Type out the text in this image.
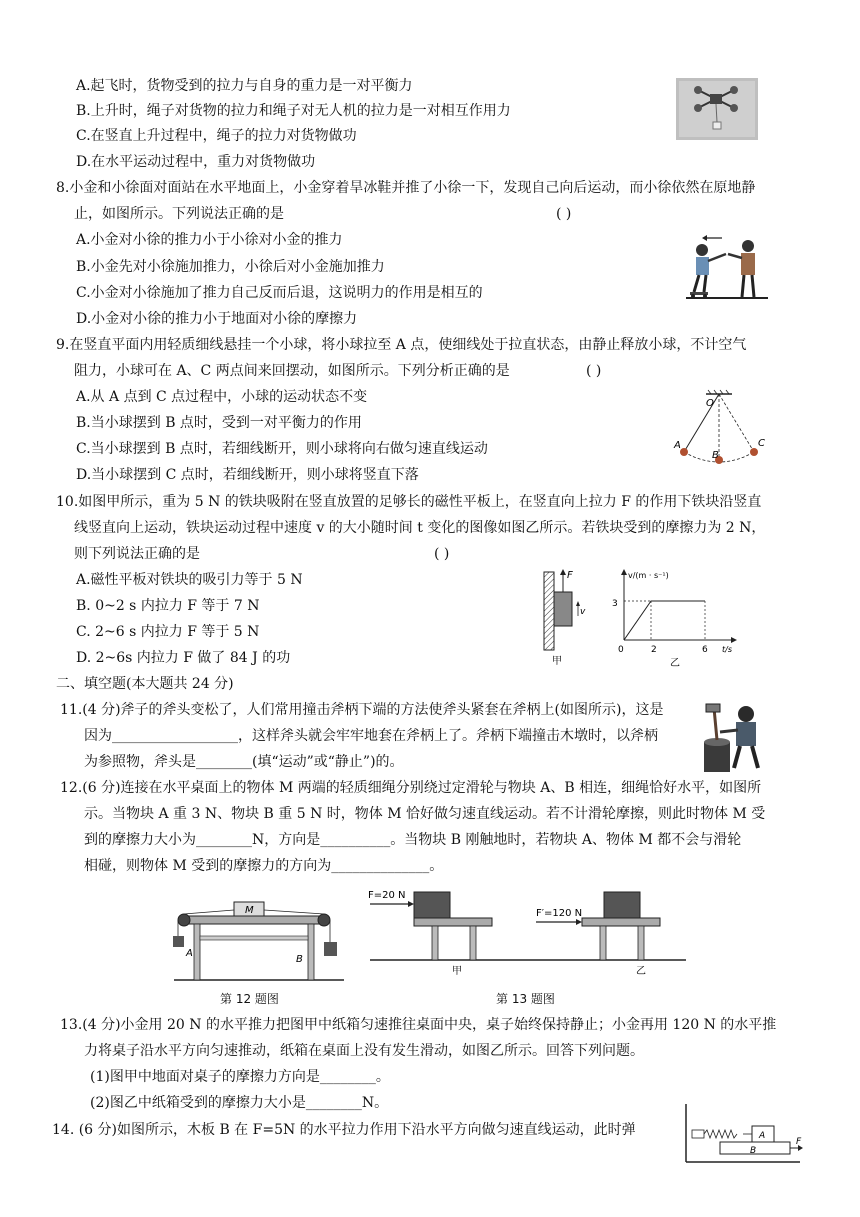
A.起飞时，货物受到的拉力与自身的重力是一对平衡力
B.上升时，绳子对货物的拉力和绳子对无人机的拉力是一对相互作用力
C.在竖直上升过程中，绳子的拉力对货物做功
D.在水平运动过程中，重力对货物做功
8.小金和小徐面对面站在水平地面上，小金穿着旱冰鞋并推了小徐一下，发现自己向后运动，而小徐依然在原地静
止，如图所示。下列说法正确的是	( )
A.小金对小徐的推力小于小徐对小金的推力
B.小金先对小徐施加推力，小徐后对小金施加推力
C.小金对小徐施加了推力自己反而后退，这说明力的作用是相互的
D.小金对小徐的推力小于地面对小徐的摩擦力
9.在竖直平面内用轻质细线悬挂一个小球，将小球拉至 A 点，使细线处于拉直状态，由静止释放小球，不计空气
阻力，小球可在 A、C 两点间来回摆动，如图所示。下列分析正确的是	( )
A.从 A 点到 C 点过程中，小球的运动状态不变
B.当小球摆到 B 点时，受到一对平衡力的作用
C.当小球摆到 B 点时，若细线断开，则小球将向右做匀速直线运动
D.当小球摆到 C 点时，若细线断开，则小球将竖直下落
O
A
B
C
10.如图甲所示，重为 5 N 的铁块吸附在竖直放置的足够长的磁性平板上，在竖直向上拉力 F 的作用下铁块沿竖直
线竖直向上运动，铁块运动过程中速度 v 的大小随时间 t 变化的图像如图乙所示。若铁块受到的摩擦力为 2 N，
则下列说法正确的是	( )
A.磁性平板对铁块的吸引力等于 5 N
B. 0~2 s 内拉力 F 等于 7 N
C. 2~6 s 内拉力 F 等于 5 N
D. 2~6s 内拉力 F 做了 84 J 的功
F
v
甲
v/(m · s⁻¹)
3
0	2	6 t/s
乙
二、填空题(本大题共 24 分)
11.(4 分)斧子的斧头变松了，人们常用撞击斧柄下端的方法使斧头紧套在斧柄上(如图所示)，这是
因为__________________，这样斧头就会牢牢地套在斧柄上了。斧柄下端撞击木墩时，以斧柄
为参照物，斧头是________(填“运动”或“静止”)的。
12.(6 分)连接在水平桌面上的物体 M 两端的轻质细绳分别绕过定滑轮与物块 A、B 相连，细绳恰好水平，如图所
示。当物块 A 重 3 N、物块 B 重 5 N 时，物体 M 恰好做匀速直线运动。若不计滑轮摩擦，则此时物体 M 受
到的摩擦力大小为________N，方向是__________。当物块 B 刚触地时，若物块 A、物体 M 都不会与滑轮
相碰，则物体 M 受到的摩擦力的方向为______________。
M
A
B
F=20 N
甲
F′=120 N
乙
第 12 题图	第 13 题图
13.(4 分)小金用 20 N 的水平推力把图甲中纸箱匀速推往桌面中央，桌子始终保持静止；小金再用 120 N 的水平推
力将桌子沿水平方向匀速推动，纸箱在桌面上没有发生滑动，如图乙所示。回答下列问题。
(1)图甲中地面对桌子的摩擦力方向是________。
(2)图乙中纸箱受到的摩擦力大小是________N。
14. (6 分)如图所示，木板 B 在 F=5N 的水平拉力作用下沿水平方向做匀速直线运动，此时弹
B
A
F
